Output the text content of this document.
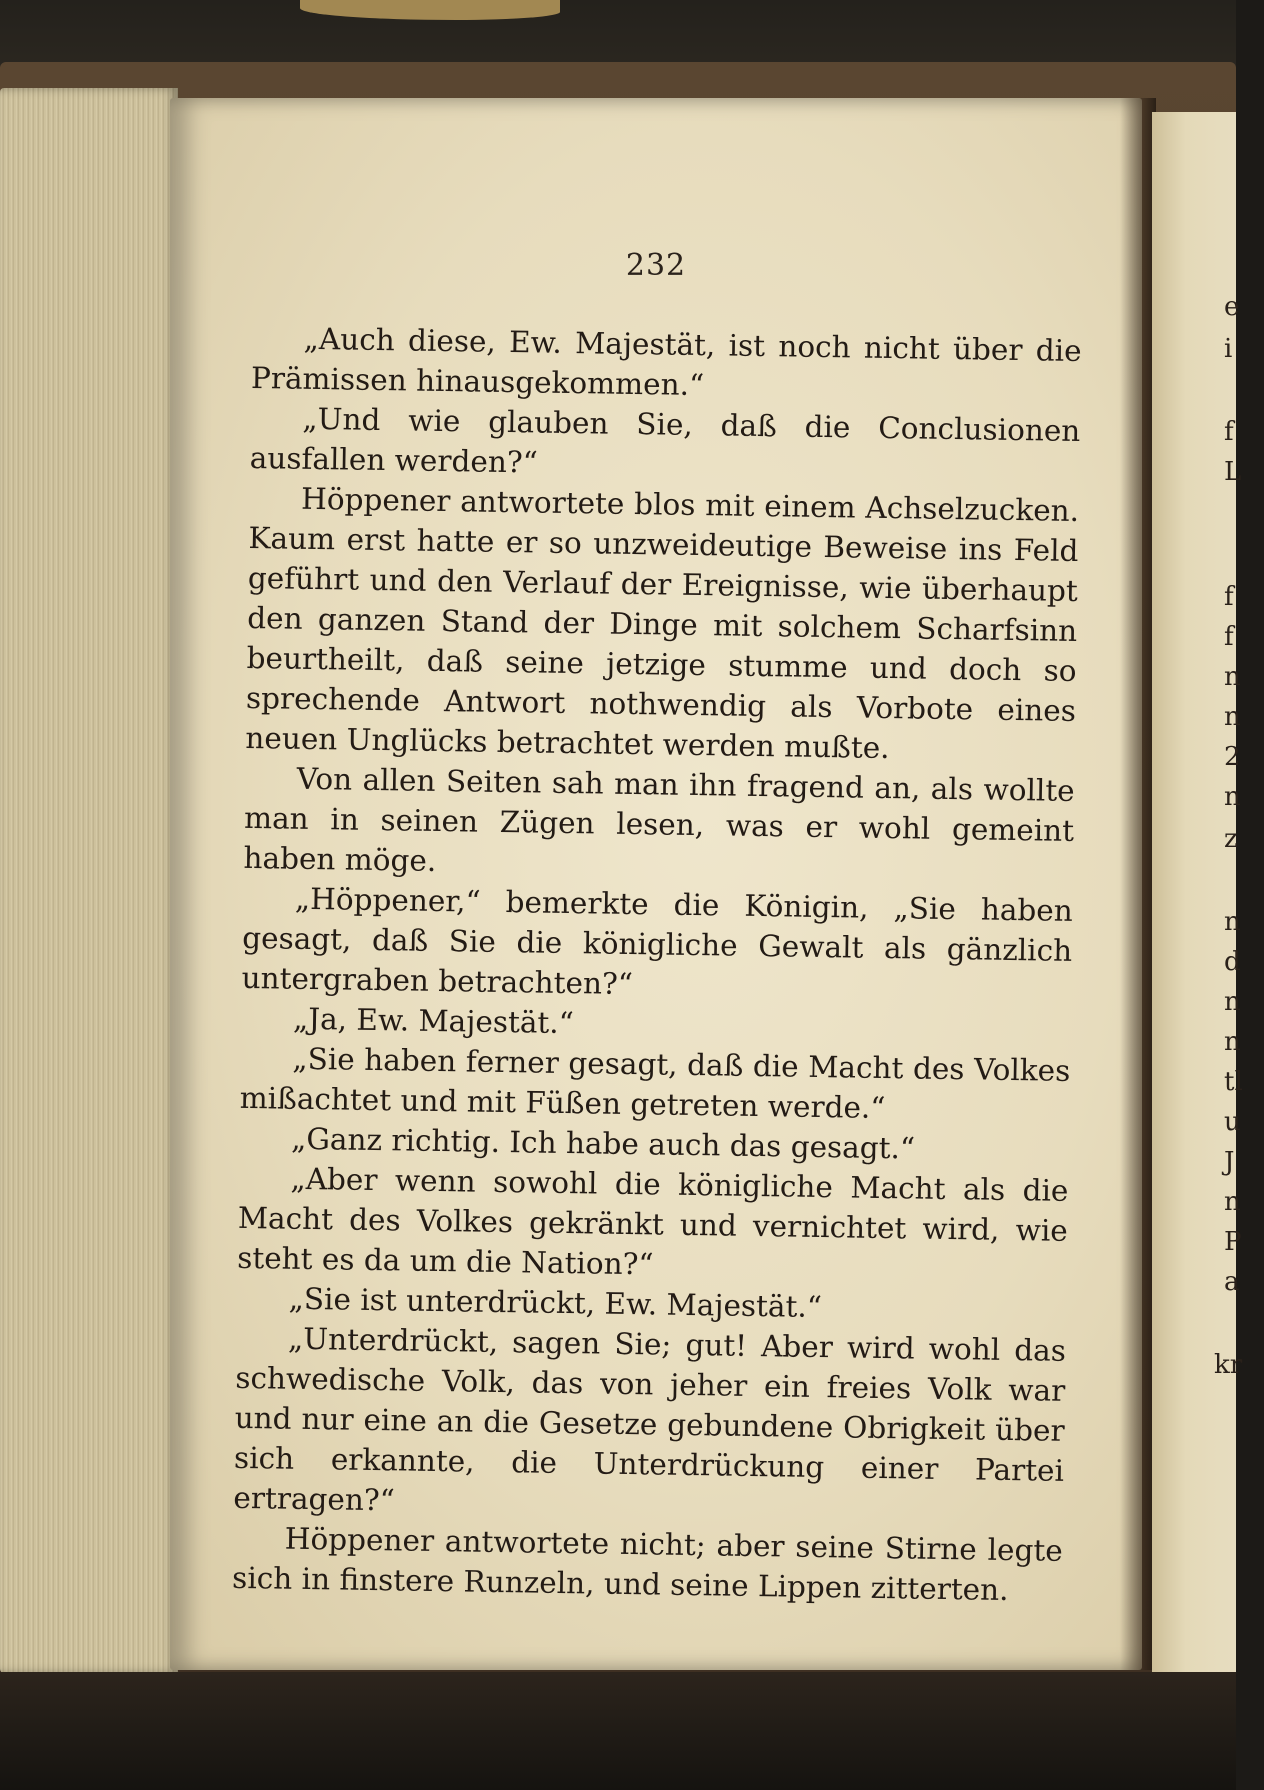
232

„Auch diese, Ew. Majestät, ist noch nicht über die Prämissen hinausgekommen.“

„Und wie glauben Sie, daß die Conclusionen ausfallen werden?“

Höppener antwortete blos mit einem Achselzucken. Kaum erst hatte er so unzweideutige Beweise ins Feld geführt und den Verlauf der Ereignisse, wie überhaupt den ganzen Stand der Dinge mit solchem Scharfsinn beurtheilt, daß seine jetzige stumme und doch so sprechende Antwort nothwendig als Vorbote eines neuen Unglücks betrachtet werden mußte.

Von allen Seiten sah man ihn fragend an, als wollte man in seinen Zügen lesen, was er wohl gemeint haben möge.

„Höppener,“ bemerkte die Königin, „Sie haben gesagt, daß Sie die königliche Gewalt als gänzlich untergraben betrachten?“

„Ja, Ew. Majestät.“

„Sie haben ferner gesagt, daß die Macht des Volkes mißachtet und mit Füßen getreten werde.“

„Ganz richtig. Ich habe auch das gesagt.“

„Aber wenn sowohl die königliche Macht als die Macht des Volkes gekränkt und vernichtet wird, wie steht es da um die Nation?“

„Sie ist unterdrückt, Ew. Majestät.“

„Unterdrückt, sagen Sie; gut! Aber wird wohl das schwedische Volk, das von jeher ein freies Volk war und nur eine an die Gesetze gebundene Obrigkeit über sich erkannte, die Unterdrückung einer Partei ertragen?“

Höppener antwortete nicht; aber seine Stirne legte sich in finstere Runzeln, und seine Lippen zitterten.

e
i
f
L
f
f
n
n
2
n
z
n
d
n
n
tl
u
J
n
P
a
kr
